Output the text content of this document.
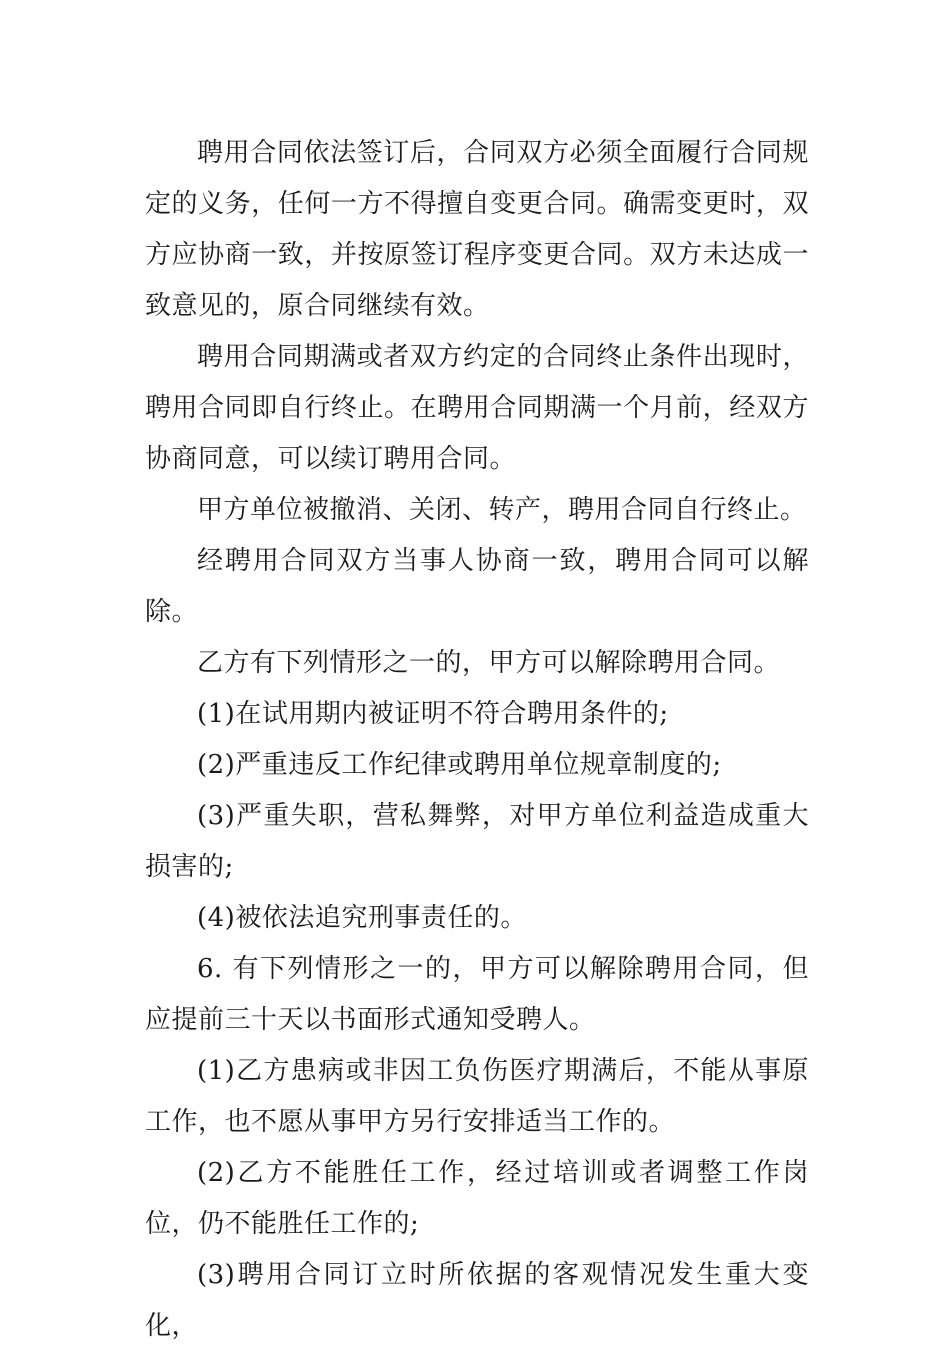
聘用合同依法签订后，合同双方必须全面履行合同规定的义务，任何一方不得擅自变更合同。确需变更时，双方应协商一致，并按原签订程序变更合同。双方未达成一致意见的，原合同继续有效。

聘用合同期满或者双方约定的合同终止条件出现时，聘用合同即自行终止。在聘用合同期满一个月前，经双方协商同意，可以续订聘用合同。

甲方单位被撤消、关闭、转产，聘用合同自行终止。

经聘用合同双方当事人协商一致，聘用合同可以解除。

乙方有下列情形之一的，甲方可以解除聘用合同。

(1)在试用期内被证明不符合聘用条件的;

(2)严重违反工作纪律或聘用单位规章制度的;

(3)严重失职，营私舞弊，对甲方单位利益造成重大损害的;

(4)被依法追究刑事责任的。

6. 有下列情形之一的，甲方可以解除聘用合同，但应提前三十天以书面形式通知受聘人。

(1)乙方患病或非因工负伤医疗期满后，不能从事原工作，也不愿从事甲方另行安排适当工作的。

(2)乙方不能胜任工作，经过培训或者调整工作岗位，仍不能胜任工作的;

(3)聘用合同订立时所依据的客观情况发生重大变化，
